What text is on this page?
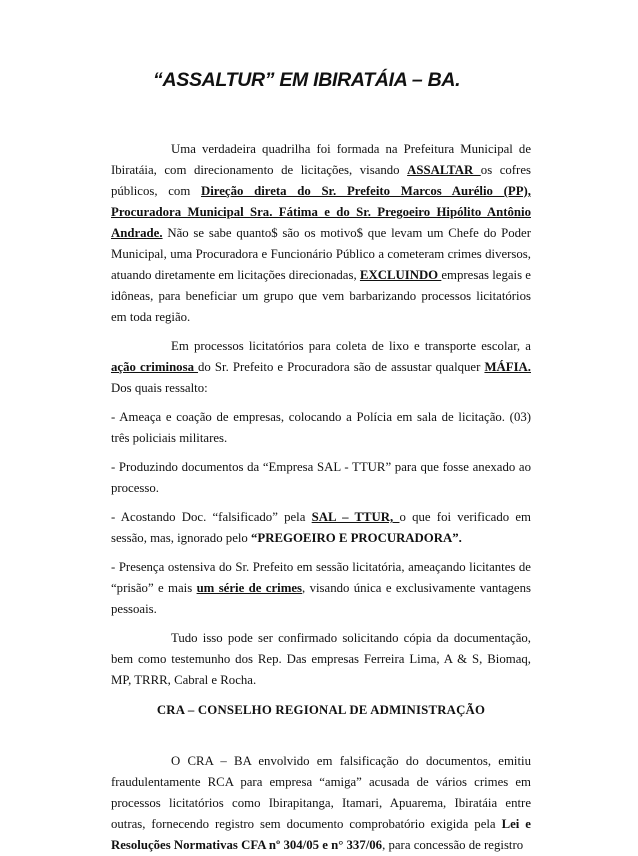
“ASSALTUR” EM IBIRATÁIA – BA.

Uma verdadeira quadrilha foi formada na Prefeitura Municipal de Ibiratáia, com direcionamento de licitações, visando ASSALTAR os cofres públicos, com Direção direta do Sr. Prefeito Marcos Aurélio (PP), Procuradora Municipal Sra. Fátima e do Sr. Pregoeiro Hipólito Antônio Andrade. Não se sabe quanto$ são os motivo$ que levam um Chefe do Poder Municipal, uma Procuradora e Funcionário Público a cometeram crimes diversos, atuando diretamente em licitações direcionadas, EXCLUINDO empresas legais e idôneas, para beneficiar um grupo que vem barbarizando processos licitatórios em toda região.

Em processos licitatórios para coleta de lixo e transporte escolar, a ação criminosa do Sr. Prefeito e Procuradora são de assustar qualquer MÁFIA. Dos quais ressalto:

- Ameaça e coação de empresas, colocando a Polícia em sala de licitação. (03) três policiais militares.

- Produzindo documentos da “Empresa SAL - TTUR” para que fosse anexado ao processo.

- Acostando Doc. “falsificado” pela SAL – TTUR, o que foi verificado em sessão, mas, ignorado pelo “PREGOEIRO E PROCURADORA”.

- Presença ostensiva do Sr. Prefeito em sessão licitatória, ameaçando licitantes de “prisão” e mais um série de crimes, visando única e exclusivamente vantagens pessoais.

Tudo isso pode ser confirmado solicitando cópia da documentação, bem como testemunho dos Rep. Das empresas Ferreira Lima, A & S, Biomaq, MP, TRRR, Cabral e Rocha.

CRA – CONSELHO REGIONAL DE ADMINISTRAÇÃO

O CRA – BA envolvido em falsificação do documentos, emitiu fraudulentamente RCA para empresa “amiga” acusada de vários crimes em processos licitatórios como Ibirapitanga, Itamari, Apuarema, Ibiratáia entre outras, fornecendo registro sem documento comprobatório exigida pela Lei e Resoluções Normativas CFA nº 304/05 e n° 337/06, para concessão de registro
